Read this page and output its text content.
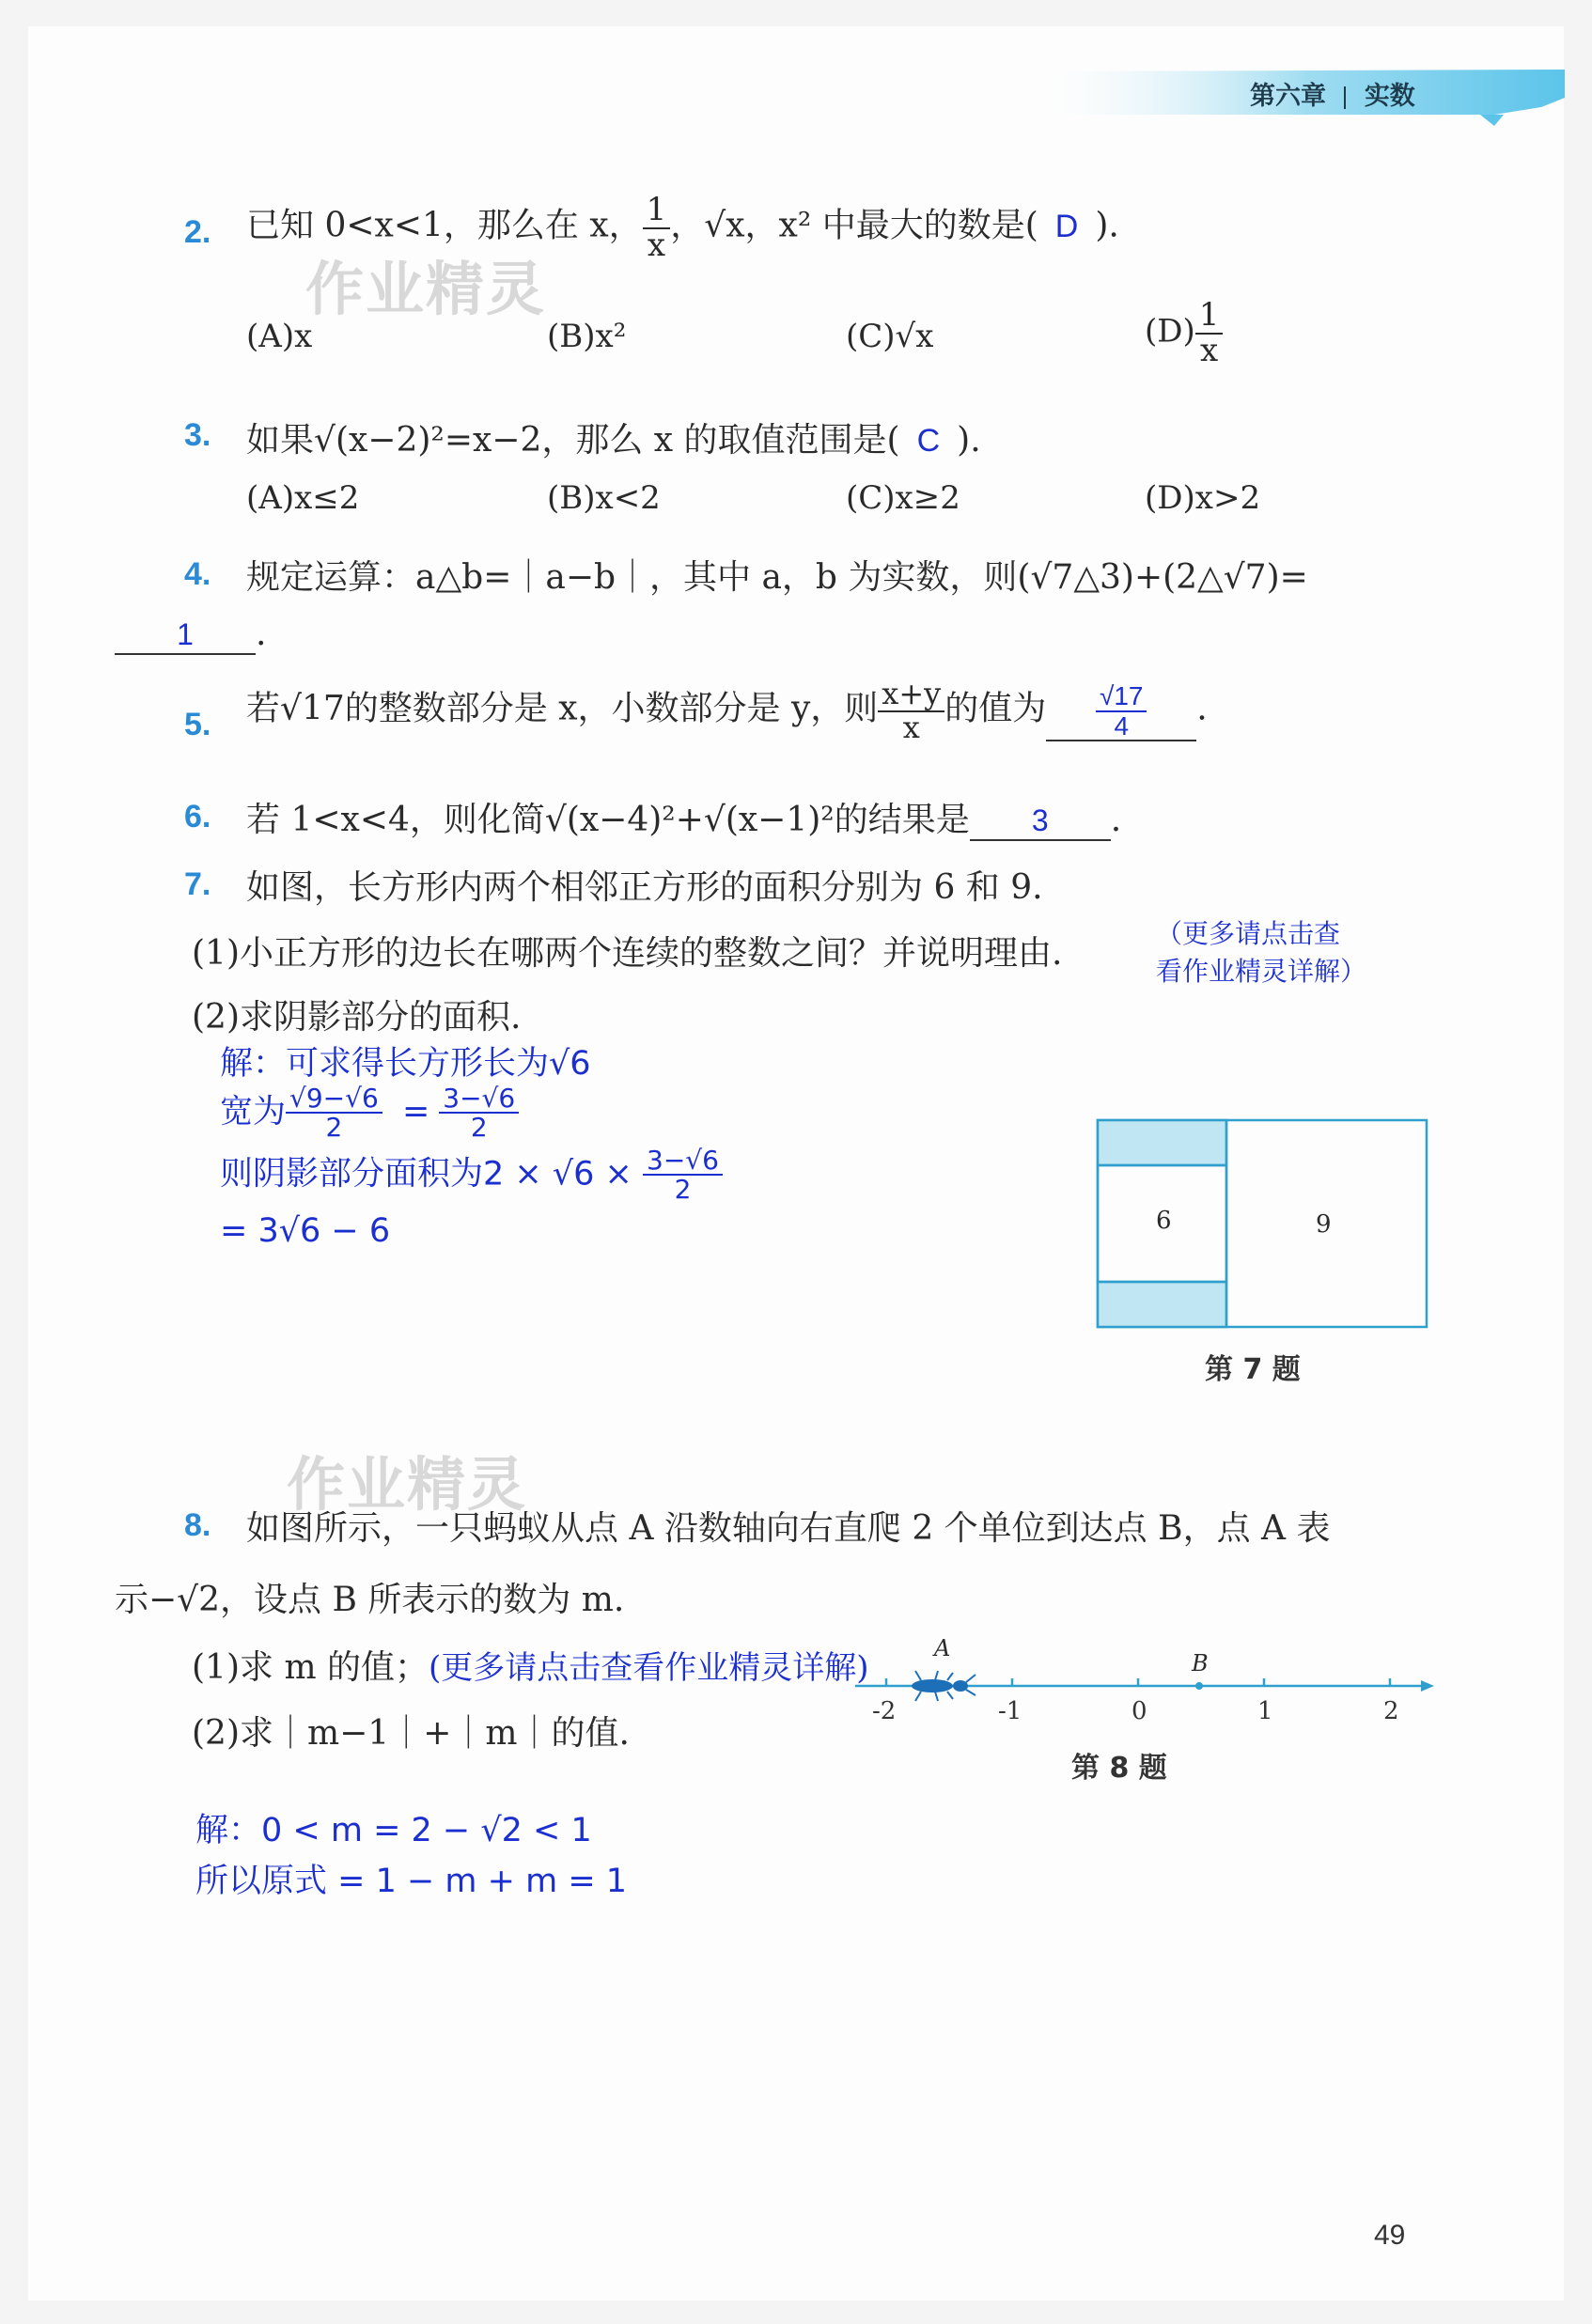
第六章 实数
作业精灵
作业精灵
2. 已知 0<x<1，那么在 x， $\frac{1}{x}$ ，√x，x² 中最大的数是( D ).
(A)x	(B)x²	(C)√x	$(D) \frac{1}{x}$
3. 如果√(x−2)²=x−2，那么 x 的取值范围是( C ).
(A)x≤2	(B)x<2	(C)x≥2	(D)x>2
4. 规定运算：a△b=｜a−b｜，其中 a，b 为实数，则(√7△3)+(2△√7)=
1 .
5. 若√17的整数部分是 x，小数部分是 y，则 $\frac{x+y}{x}$ 的值为 $\frac{√17}{4}$ .
6. 若 1<x<4，则化简√(x−4)²+√(x−1)²的结果是 3 .
7. 如图，长方形内两个相邻正方形的面积分别为 6 和 9.
(1)小正方形的边长在哪两个连续的整数之间？并说明理由.
（更多请点击查
看作业精灵详解）
(2)求阴影部分的面积.
解：可求得长方形长为√6
宽为 $\frac{√9-√6}{2} = \frac{3-√6}{2}$
则阴影部分面积为$2 \times √6 \times \frac{3-√6}{2}$
= 3√6 − 6	6	9
第 7 题
8. 如图所示，一只蚂蚁从点 A 沿数轴向右直爬 2 个单位到达点 B，点 A 表
示−√2，设点 B 所表示的数为 m.
(1)求 m 的值；(更多请点击查看作业精灵详解)
(2)求｜m−1｜+｜m｜的值.
A
B
-2	-1	0	1	2
第 8 题
解：0 < m = 2 − √2 < 1
所以原式 = 1 − m + m = 1
49
